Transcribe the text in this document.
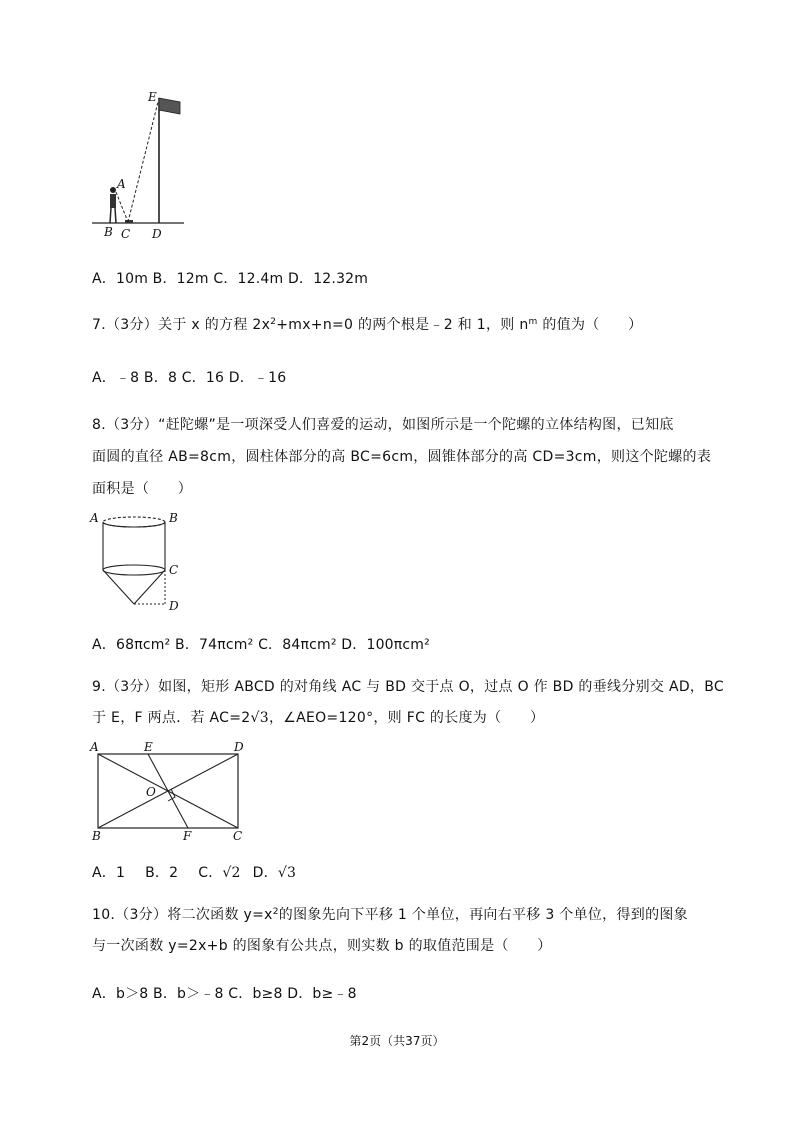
E
A
B C D
A．10m B．12m C．12.4m D．12.32m
7.（3分）关于 x 的方程 $2x^2+mx+n=0$ 的两个根是﹣2 和 1，则 $n^m$ 的值为（　　）
A．﹣8 B．8 C．16 D．﹣16
8.（3分）“赶陀螺”是一项深受人们喜爱的运动，如图所示是一个陀螺的立体结构图，已知底
面圆的直径 AB=8cm，圆柱体部分的高 BC=6cm，圆锥体部分的高 CD=3cm，则这个陀螺的表
面积是（　　）
A	B
C
D
A．68πcm² B．74πcm² C．84πcm² D．100πcm²
9.（3分）如图，矩形 ABCD 的对角线 AC 与 BD 交于点 O，过点 O 作 BD 的垂线分别交 AD，BC
于 E，F 两点．若 AC=2√3，∠AEO=120°，则 FC 的长度为（　　）
A	E	D
O
B	F	C
A．1 B．2 C．√2 D．√3
10.（3分）将二次函数 $y=x^2$的图象先向下平移 1 个单位，再向右平移 3 个单位，得到的图象
与一次函数 y=2x+b 的图象有公共点，则实数 b 的取值范围是（　　）
A．b＞8 B．b＞﹣8 C．b≥8 D．b≥﹣8
第2页（共37页）
